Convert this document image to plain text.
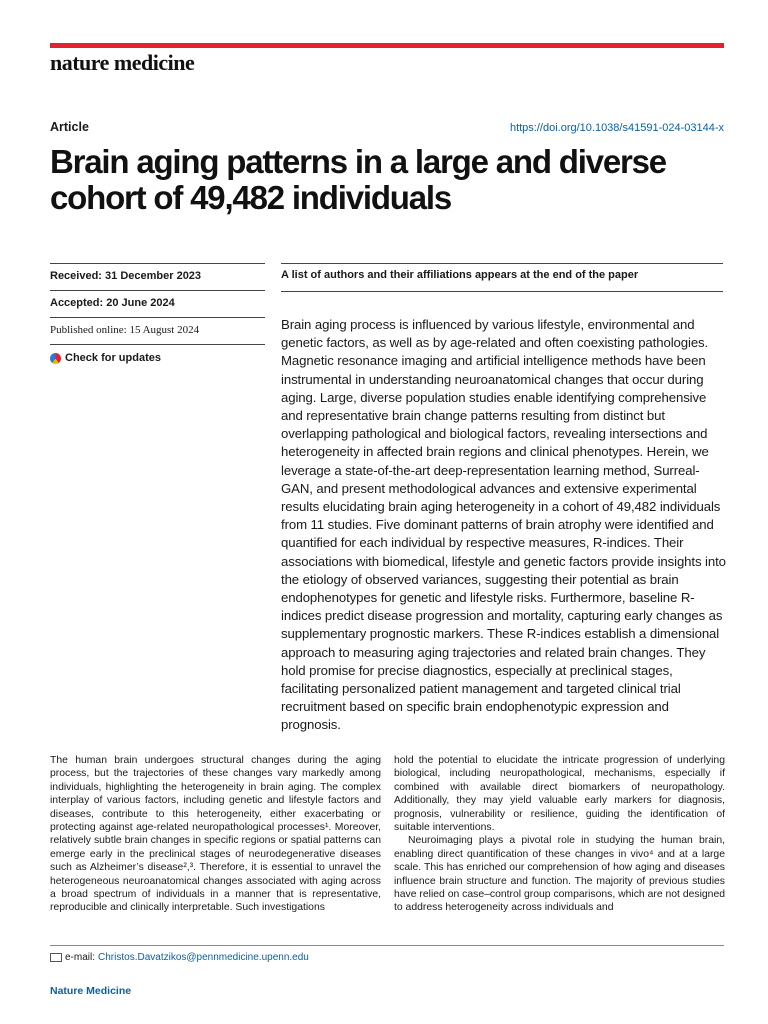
nature medicine
Article	https://doi.org/10.1038/s41591-024-03144-x
Brain aging patterns in a large and diverse cohort of 49,482 individuals
Received: 31 December 2023
Accepted: 20 June 2024
Published online: 15 August 2024
Check for updates
A list of authors and their affiliations appears at the end of the paper

Brain aging process is influenced by various lifestyle, environmental and genetic factors, as well as by age-related and often coexisting pathologies. Magnetic resonance imaging and artificial intelligence methods have been instrumental in understanding neuroanatomical changes that occur during aging. Large, diverse population studies enable identifying comprehensive and representative brain change patterns resulting from distinct but overlapping pathological and biological factors, revealing intersections and heterogeneity in affected brain regions and clinical phenotypes. Herein, we leverage a state-of-the-art deep-representation learning method, Surreal-GAN, and present methodological advances and extensive experimental results elucidating brain aging heterogeneity in a cohort of 49,482 individuals from 11 studies. Five dominant patterns of brain atrophy were identified and quantified for each individual by respective measures, R-indices. Their associations with biomedical, lifestyle and genetic factors provide insights into the etiology of observed variances, suggesting their potential as brain endophenotypes for genetic and lifestyle risks. Furthermore, baseline R-indices predict disease progression and mortality, capturing early changes as supplementary prognostic markers. These R-indices establish a dimensional approach to measuring aging trajectories and related brain changes. They hold promise for precise diagnostics, especially at preclinical stages, facilitating personalized patient management and targeted clinical trial recruitment based on specific brain endophenotypic expression and prognosis.

The human brain undergoes structural changes during the aging process, but the trajectories of these changes vary markedly among individuals, highlighting the heterogeneity in brain aging. The complex interplay of various factors, including genetic and lifestyle factors and diseases, contribute to this heterogeneity, either exacerbating or protecting against age-related neuropathological processes¹. Moreover, relatively subtle brain changes in specific regions or spatial patterns can emerge early in the preclinical stages of neurodegenerative diseases such as Alzheimer’s disease²,³. Therefore, it is essential to unravel the heterogeneous neuroanatomical changes associated with aging across a broad spectrum of individuals in a manner that is representative, reproducible and clinically interpretable. Such investigations

hold the potential to elucidate the intricate progression of underlying biological, including neuropathological, mechanisms, especially if combined with available direct biomarkers of neuropathology. Additionally, they may yield valuable early markers for diagnosis, prognosis, vulnerability or resilience, guiding the identification of suitable interventions.

Neuroimaging plays a pivotal role in studying the human brain, enabling direct quantification of these changes in vivo⁴ and at a large scale. This has enriched our comprehension of how aging and diseases influence brain structure and function. The majority of previous studies have relied on case–control group comparisons, which are not designed to address heterogeneity across individuals and

e-mail: Christos.Davatzikos@pennmedicine.upenn.edu
Nature Medicine
